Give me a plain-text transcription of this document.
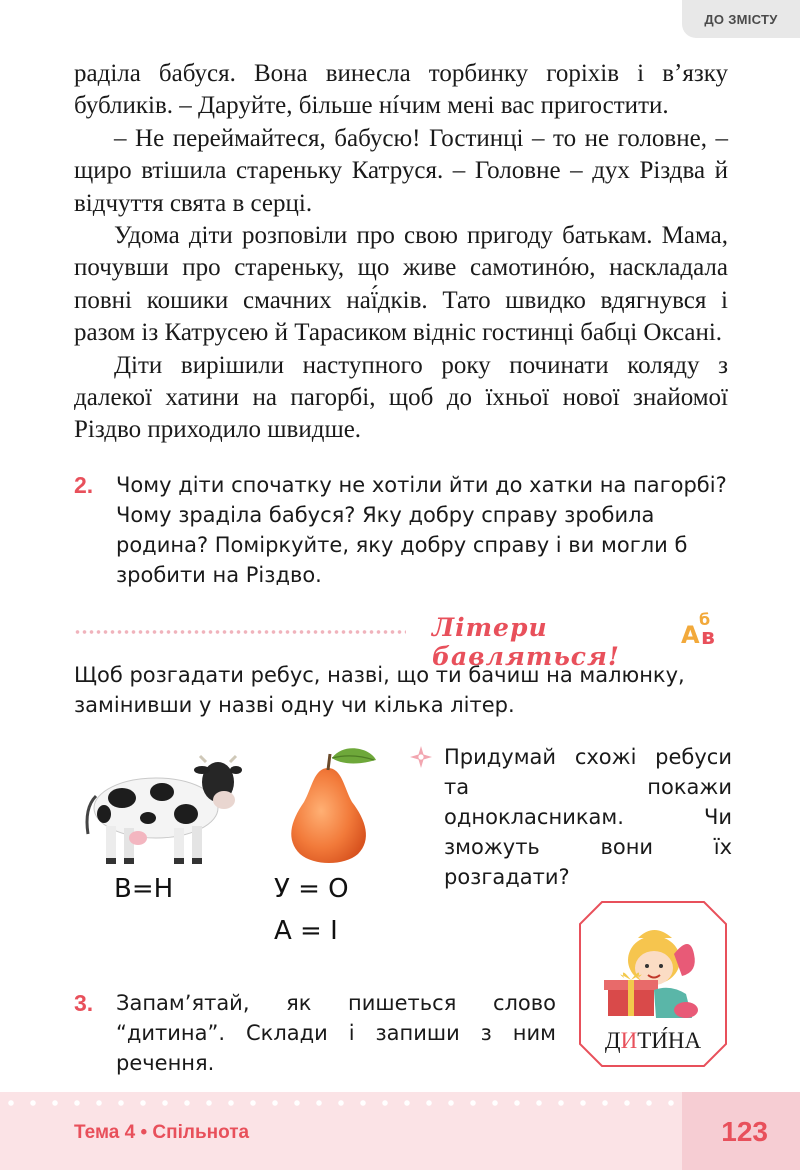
ДО ЗМІСТУ

раділа бабуся. Вона винесла торбинку горіхів і вʼязку бубликів. – Даруйте, більше нíчим мені вас пригостити.

– Не переймайтеся, бабусю! Гостинці – то не головне, – щиро втішила стареньку Катруся. – Головне – дух Різдва й відчуття свята в серці.

Удома діти розповіли про свою пригоду батькам. Мама, почувши про стареньку, що живе самотинóю, наскладала повні кошики смачних наї́дків. Тато швидко вдягнувся і разом із Катрусею й Тарасиком відніс гостинці бабці Оксані.

Діти вирішили наступного року починати коляду з далекої хатини на пагорбі, щоб до їхньої нової знайомої Різдво приходило швидше.

2. Чому діти спочатку не хотіли йти до хатки на пагорбі? Чому зраділа бабуся? Яку добру справу зробила родина? Поміркуйте, яку добру справу і ви могли б зробити на Різдво.
Літери бавляться!
А
б
в
Щоб розгадати ребус, назві, що ти бачиш на малюнку, замінивши у назві одну чи кілька літер.
В=Н	У = О
А = І
Придумай схожі ребуси та покажи однокласникам. Чи зможуть вони їх розгадати?
3. Запамʼятай, як пишеться слово “дитина”. Склади і запиши з ним речення.
ДИТИ́НА
Тема 4 • Спільнота	123
